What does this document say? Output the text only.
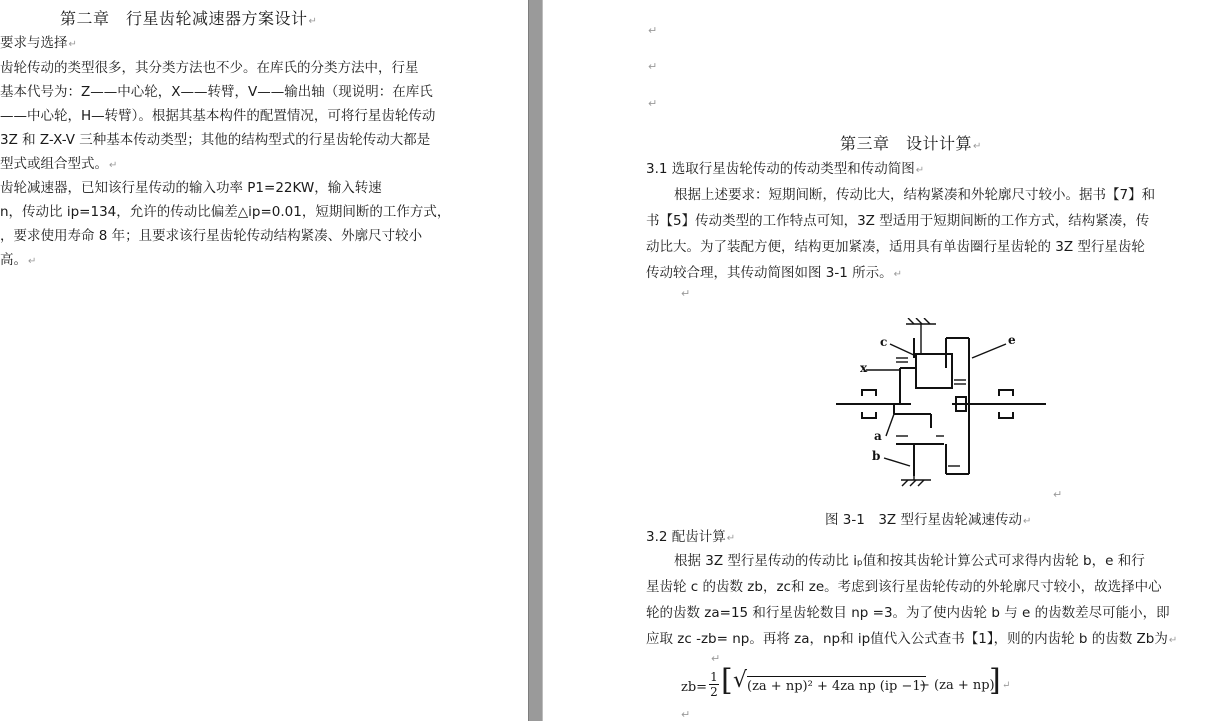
第二章　行星齿轮减速器方案设计↵
要求与选择↵
齿轮传动的类型很多，其分类方法也不少。在库氏的分类方法中，行星
基本代号为：Z——中心轮，X——转臂，V——输出轴（现说明：在库氏
——中心轮，H—转臂）。根据其基本构件的配置情况，可将行星齿轮传动
3Z 和 Z-X-V 三种基本传动类型；其他的结构型式的行星齿轮传动大都是
型式或组合型式。↵
齿轮减速器，已知该行星传动的输入功率 P1=22KW，输入转速
n，传动比 ip=134，允许的传动比偏差△ip=0.01，短期间断的工作方式，
，要求使用寿命 8 年；且要求该行星齿轮传动结构紧凑、外廓尺寸较小
高。↵
↵
↵
↵
第三章　设计计算↵
3.1 选取行星齿轮传动的传动类型和传动简图↵
根据上述要求：短期间断，传动比大，结构紧凑和外轮廓尺寸较小。据书【7】和
书【5】传动类型的工作特点可知，3Z 型适用于短期间断的工作方式，结构紧凑，传
动比大。为了装配方便，结构更加紧凑，适用具有单齿圈行星齿轮的 3Z 型行星齿轮
传动较合理，其传动简图如图 3-1 所示。↵
↵
c
x
a
b
e
↵
图 3-1　3Z 型行星齿轮减速传动↵
3.2 配齿计算↵
根据 3Z 型行星传动的传动比 iₚ值和按其齿轮计算公式可求得内齿轮 b，e 和行
星齿轮 c 的齿数 zb，zc和 ze。考虑到该行星齿轮传动的外轮廓尺寸较小，故选择中心
轮的齿数 za=15 和行星齿轮数目 np =3。为了使内齿轮 b 与 e 的齿数差尽可能小，即
应取 zc -zb= np。再将 za，np和 ip值代入公式查书【1】，则的内齿轮 b 的齿数 Zb为↵
↵
$zb= \frac{1}{2}$ [ √ (za + np)² + 4za np (ip −1)
− (za + np)
] ↵
↵
